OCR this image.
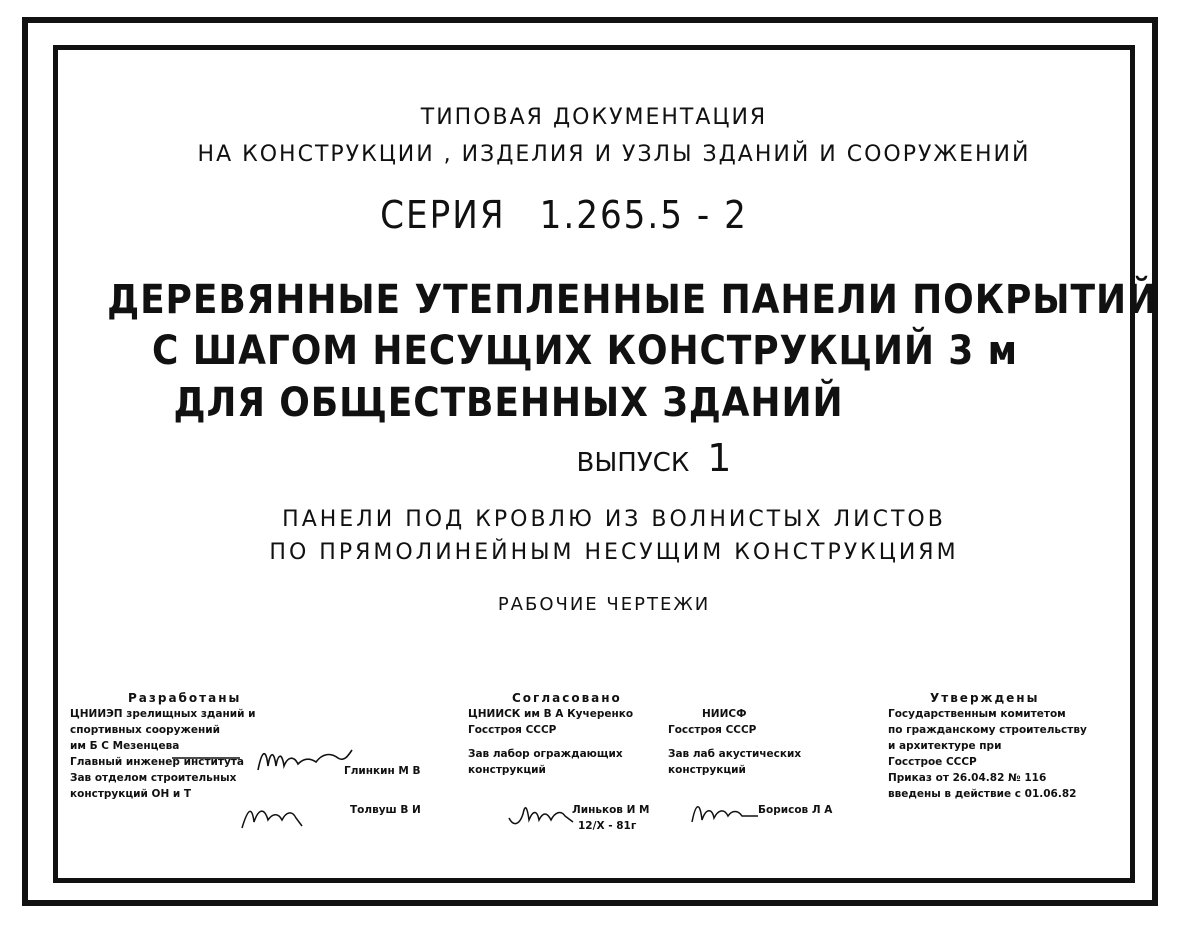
ТИПОВАЯ ДОКУМЕНТАЦИЯ
НА КОНСТРУКЦИИ , ИЗДЕЛИЯ И УЗЛЫ ЗДАНИЙ И СООРУЖЕНИЙ
СЕРИЯ 1.265.5 - 2
ДЕРЕВЯННЫЕ УТЕПЛЕННЫЕ ПАНЕЛИ ПОКРЫТИЙ
С ШАГОМ НЕСУЩИХ КОНСТРУКЦИЙ 3 м
ДЛЯ ОБЩЕСТВЕННЫХ ЗДАНИЙ
ВЫПУСК 1
ПАНЕЛИ ПОД КРОВЛЮ ИЗ ВОЛНИСТЫХ ЛИСТОВ
ПО ПРЯМОЛИНЕЙНЫМ НЕСУЩИМ КОНСТРУКЦИЯМ
РАБОЧИЕ ЧЕРТЕЖИ
Разработаны
ЦНИИЭП зрелищных зданий и
спортивных сооружений
им Б С Мезенцева
Главный инженер института
Зав отделом строительных
конструкций ОН и Т
Глинкин М В
Толвуш В И
Согласовано
ЦНИИСК им В А Кучеренко
Госстроя СССР
Зав лабор ограждающих
конструкций
НИИСФ
Госстроя СССР
Зав лаб акустических
конструкций
Линьков И М
12/X - 81г
Борисов Л А
Утверждены
Государственным комитетом
по гражданскому строительству
и архитектуре при
Госстрое СССР
Приказ от 26.04.82 № 116
введены в действие с 01.06.82
